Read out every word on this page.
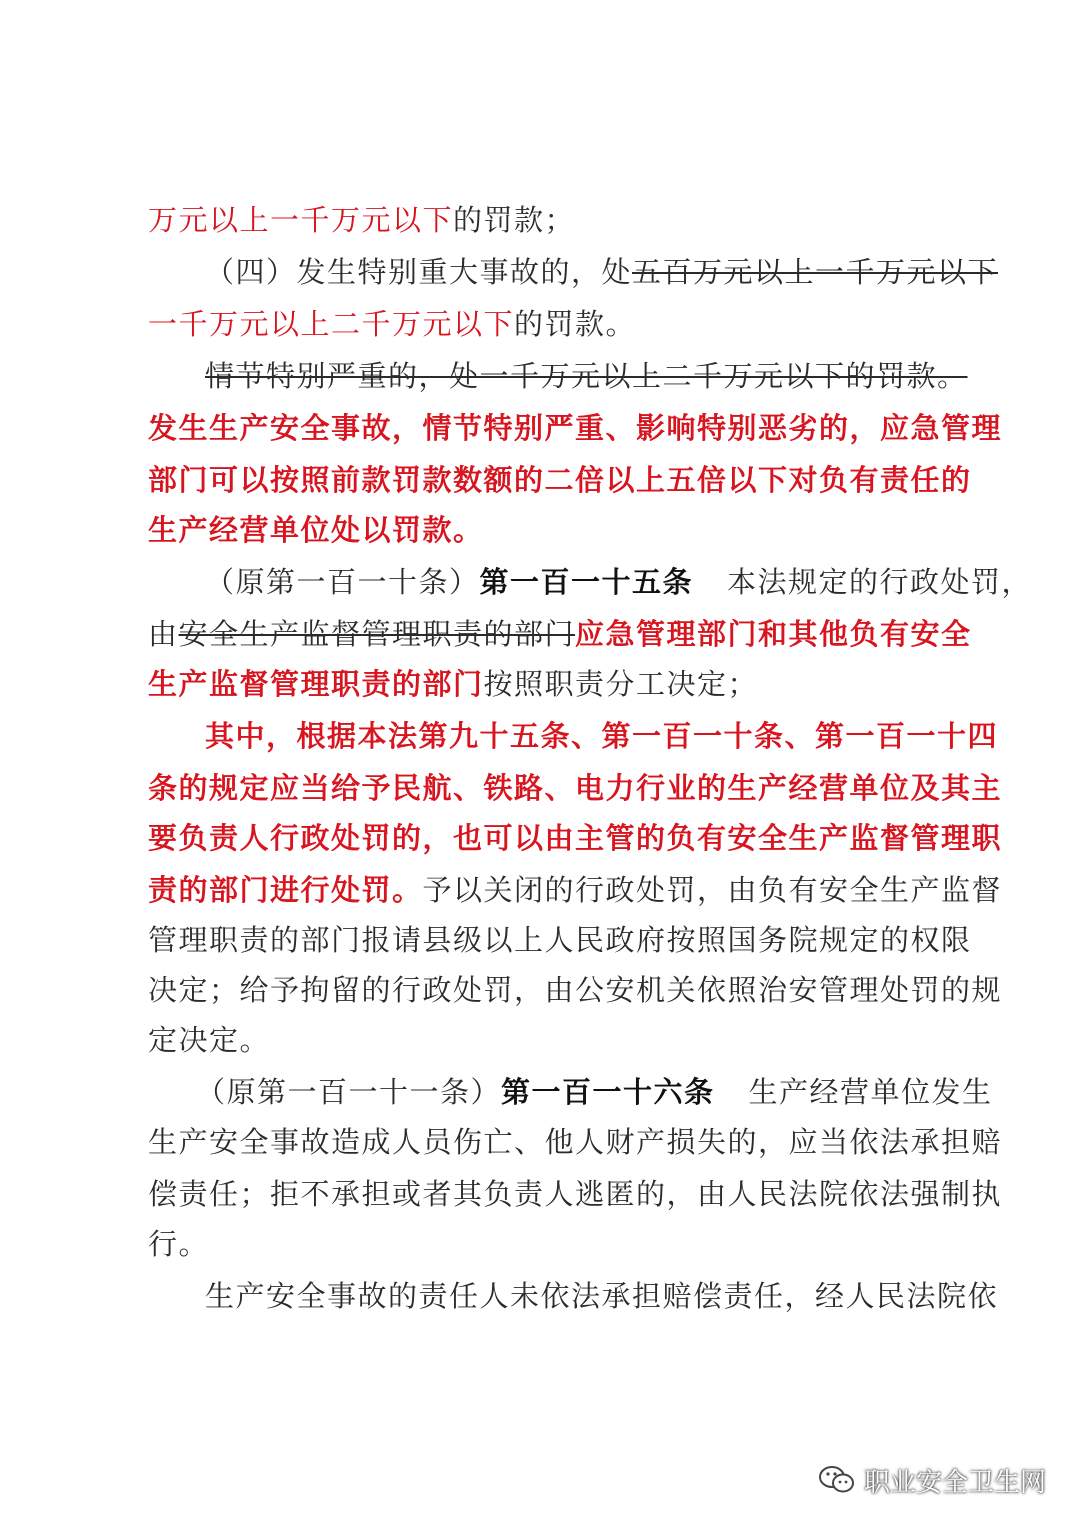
万元以上一千万元以下的罚款；
（四）发生特别重大事故的，处五百万元以上一千万元以下
一千万元以上二千万元以下的罚款。
情节特别严重的，处一千万元以上二千万元以下的罚款。
发生生产安全事故，情节特别严重、影响特别恶劣的，应急管理
部门可以按照前款罚款数额的二倍以上五倍以下对负有责任的
生产经营单位处以罚款。
（原第一百一十条）第一百一十五条 本法规定的行政处罚，
由安全生产监督管理职责的部门应急管理部门和其他负有安全
生产监督管理职责的部门按照职责分工决定；
其中，根据本法第九十五条、第一百一十条、第一百一十四
条的规定应当给予民航、铁路、电力行业的生产经营单位及其主
要负责人行政处罚的，也可以由主管的负有安全生产监督管理职
责的部门进行处罚。予以关闭的行政处罚，由负有安全生产监督
管理职责的部门报请县级以上人民政府按照国务院规定的权限
决定；给予拘留的行政处罚，由公安机关依照治安管理处罚的规
定决定。
（原第一百一十一条）第一百一十六条 生产经营单位发生
生产安全事故造成人员伤亡、他人财产损失的，应当依法承担赔
偿责任；拒不承担或者其负责人逃匿的，由人民法院依法强制执
行。
生产安全事故的责任人未依法承担赔偿责任，经人民法院依
职业安全卫生网
